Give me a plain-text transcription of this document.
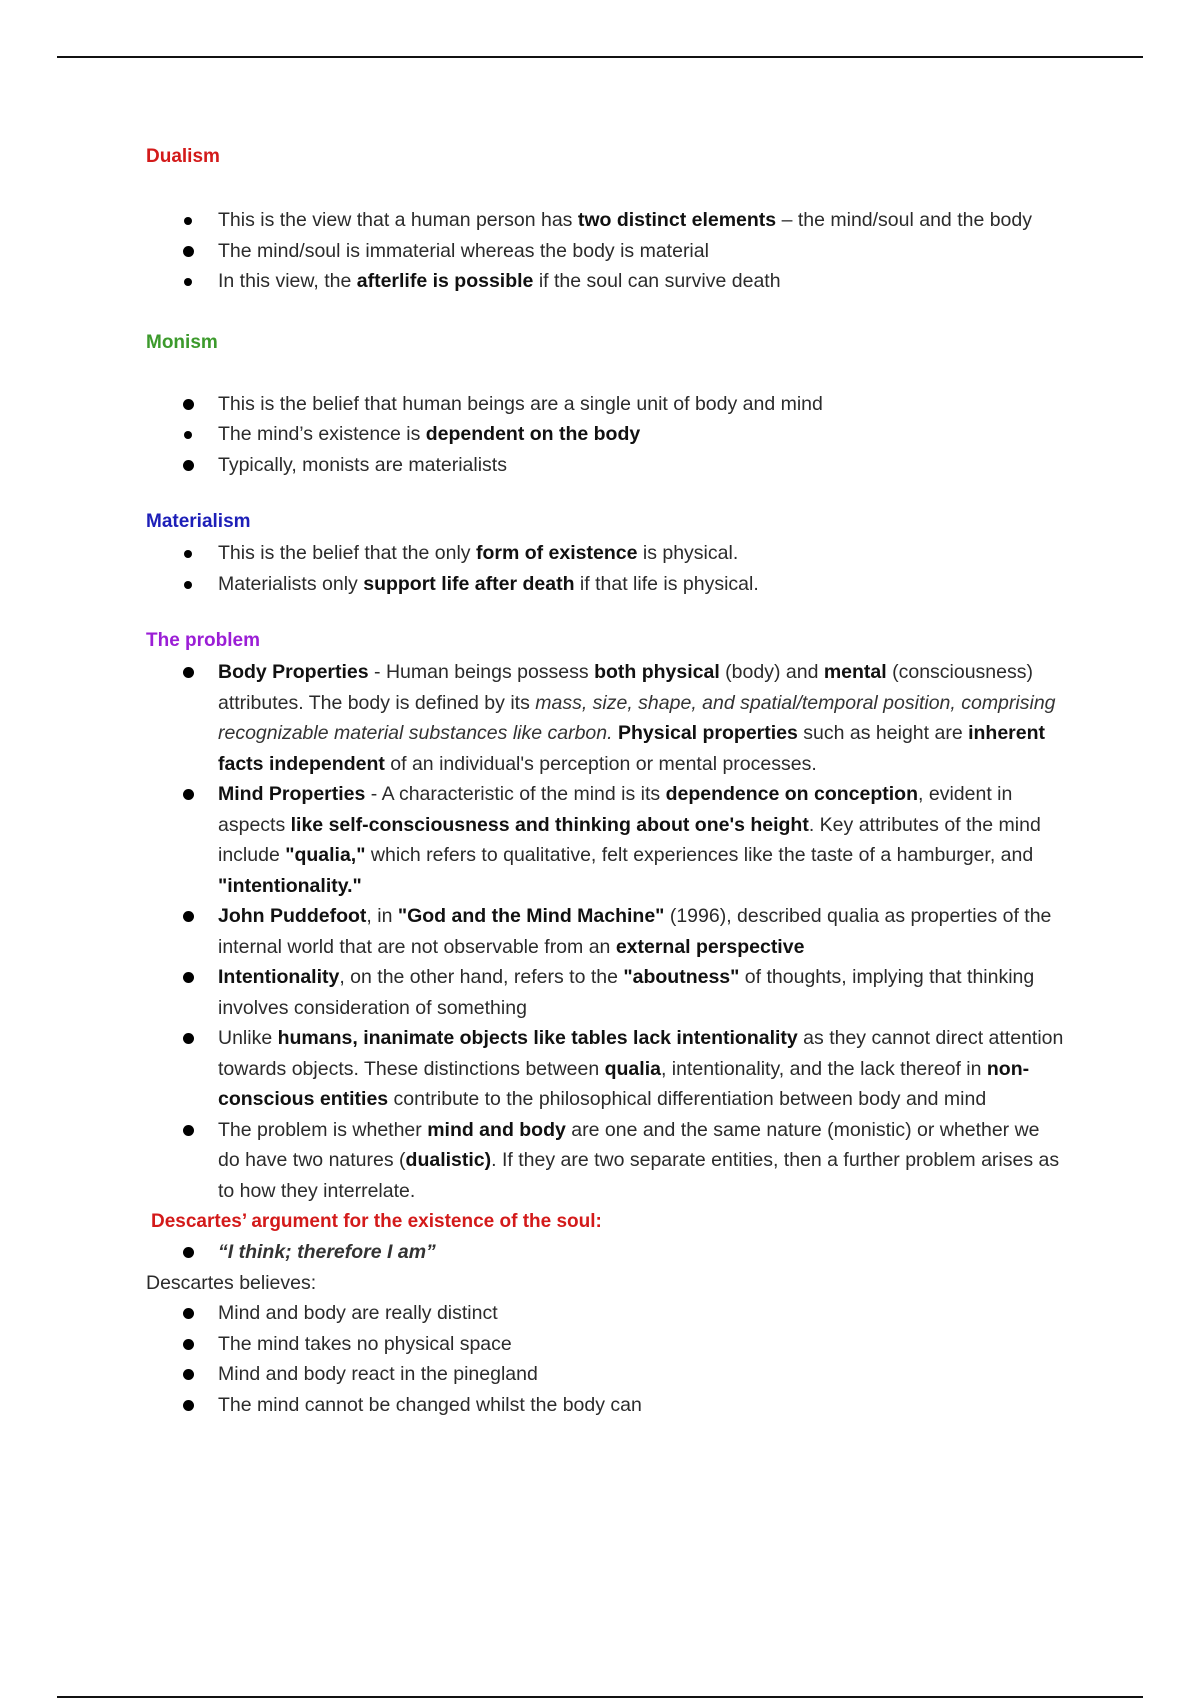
Dualism
This is the view that a human person has two distinct elements – the mind/soul and the body
The mind/soul is immaterial whereas the body is material
In this view, the afterlife is possible if the soul can survive death
Monism
This is the belief that human beings are a single unit of body and mind
The mind’s existence is dependent on the body
Typically, monists are materialists
Materialism
This is the belief that the only form of existence is physical.
Materialists only support life after death if that life is physical.
The problem
Body Properties - Human beings possess both physical (body) and mental (consciousness) attributes. The body is defined by its mass, size, shape, and spatial/temporal position, comprising recognizable material substances like carbon. Physical properties such as height are inherent facts independent of an individual's perception or mental processes.
Mind Properties - A characteristic of the mind is its dependence on conception, evident in aspects like self-consciousness and thinking about one's height. Key attributes of the mind include "qualia," which refers to qualitative, felt experiences like the taste of a hamburger, and "intentionality."
John Puddefoot, in "God and the Mind Machine" (1996), described qualia as properties of the internal world that are not observable from an external perspective
Intentionality, on the other hand, refers to the "aboutness" of thoughts, implying that thinking involves consideration of something
Unlike humans, inanimate objects like tables lack intentionality as they cannot direct attention towards objects. These distinctions between qualia, intentionality, and the lack thereof in non-conscious entities contribute to the philosophical differentiation between body and mind
The problem is whether mind and body are one and the same nature (monistic) or whether we do have two natures (dualistic). If they are two separate entities, then a further problem arises as to how they interrelate.
Descartes’ argument for the existence of the soul:
“I think; therefore I am”

Descartes believes:

Mind and body are really distinct
The mind takes no physical space
Mind and body react in the pinegland
The mind cannot be changed whilst the body can
